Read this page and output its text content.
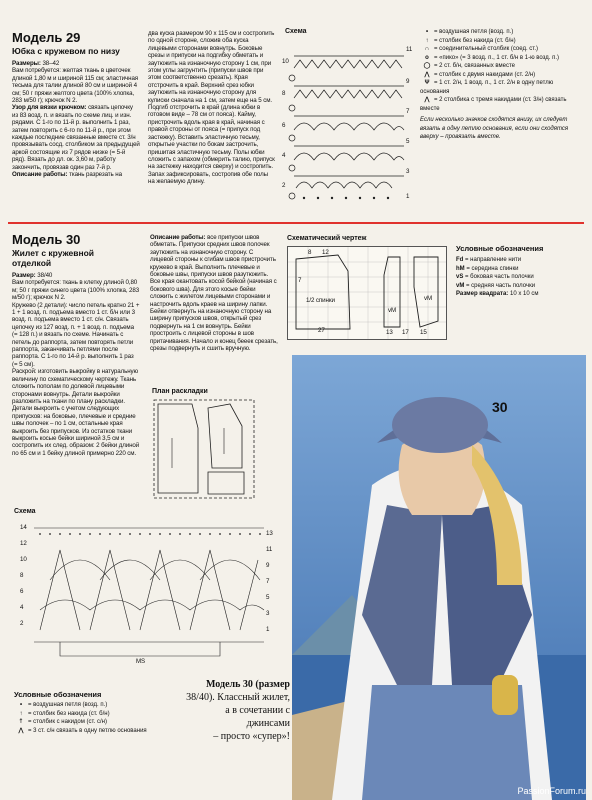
Модель 29
Юбка с кружевом по низу
Размеры: 38–42
Вам потребуется: желтая ткань в цветочек длиной 1,80 м и шириной 115 см; эластичная тесьма для талии длиной 80 см и шириной 4 см; 50 г пряжи желтого цвета (100% хлопка, 283 м/50 г); крючок N 2.
Узор для вязки крючком: связать цепочку из 83 возд. п. и вязать по схеме лиц. и изн. рядами. С 1-го по 11-й р. выполнить 1 раз, затем повторить с 6-го по 11-й р., при этом каждые последние связанные вместе ст. 3/н провязывать сосд. столбиком за предыдущей аркой состоящие из 7 рядов низке (= 5-й ряд). Вязать до дл. ок. 3,60 м, работу закончить, провязав один раз 7-й р.
Описание работы: ткань разрезать на
два куска размером 90 х 115 см и состропить по одной стороне, сложив оба куска лицевыми сторонами вовнутрь. Боковые срезы и припуски на подгибку обметать и заутюжить на изнаночную сторону 1 см, при этом углы загрунтить (припуски швов при этом соответственно срезать). Края отстрочить в край. Верхний срез юбки заутюжить на изнаночную сторону для кулиски сначала на 1 см, затем еще на 5 см. Подгиб отстрочить в край (длина юбки в готовом виде – 78 см от пояса). Кайму, пристрочить вдоль края в край, начиная с правой стороны от пояса (= припуск под застежку). Вставить эластичную тесьму, открытые участки по бокам застрочить, пришитая эластичную тесьму. Полы юбки сложить с запахом (обмерить талию, припуск на застежку находится сверху) и состропить. Запах зафиксировать, состропив обе полы на желаемую длину.
Схема
11
9
7
5
3
1
10
8
6
4
2
• = воздушная петля (возд. п.)
↑ = столбик без накида (ст. б/н)
∩ = соединительный столбик (соед. ст.)
о = «пико» (= 3 возд. п., 1 ст. б/н в 1-ю возд. п.)
◯ = 2 ст. б/н, связанных вместе
⋀ = столбик с двумя накидами (ст. 2/н)
Ψ = 1 ст. 2/н, 1 возд. п., 1 ст. 2/н в одну петлю основания
⋀ = 2 столбика с тремя накидами (ст. 3/н) связать вместе
Если несколько значков сходятся внизу, их следует вязать в одну петлю основания, если они сходятся вверху – провязать вместе.
Модель 30
Жилет с кружевной отделкой
Размер: 38/40
Вам потребуется: ткань в клетку длиной 0,80 м; 50 г пряжи синего цвета (100% хлопка, 283 м/50 г); крючок N 2.
Кружево (2 детали): число петель кратно 21 + 1 + 1 возд. п. подъема вместо 1 ст. б/н или 3 возд. п. подъема вместо 1 ст. с/н. Связать цепочку из 127 возд. п. + 1 возд. п. подъема (= 128 п.) и вязать по схеме. Начинать с петель до раппорта, затем повторять петли раппорта, заканчивать петлями после раппорта. С 1-го по 14-й р. выполнить 1 раз (= 5 см).
Раскрой: изготовить выкройку в натуральную величину по схематическому чертежу. Ткань сложить пополам по долевой лицевыми сторонами вовнутрь. Детали выкройки разложить на ткани по плану раскладки. Детали выкроить с учетом следующих припусков: на боковые, плечевые и средние швы полочек – по 1 см, остальные края выкроить без припусков. Из остатков ткани выкроить косые бейки шириной 3,5 см и состропить их след. образом: 2 бейки длиной по 65 см и 1 бейку длиной примерно 220 см.
Описание работы: все припуски швов обметать. Припуски средних швов полочек заутюжить на изнаночную сторону. С лицевой стороны к сгибам швов пристрочить кружево в край. Выполнить плечевые и боковые швы, припуски швов разутюжить. Все края окантовать косой бейкой (начиная с бокового шва). Для этого косые бейки сложить с жилетом лицевыми сторонами и настрочить вдоль краев на ширину лапки. Бейки отвернуть на изнаночную сторону на ширину припусков швов, открытый срез подвернуть на 1 см вовнутрь. Бейки простроить с лицевой стороны в шов притачивания. Начало и конец бееек срезать, срезы подвернуть и сшить вручную.
План раскладки
Схематический чертеж
8 12
7
27
1/2 спинки
vM
vM
13 17 15
Условные обозначения
Fd = направление нити
hM = середина спинки
vS = боковая часть полочки
vM = средняя часть полочки
Размер квадрата: 10 х 10 см
30
Модель 30 (размер
38/40). Классный жилет,
а в сочетании с джинсами
– просто «супер»!
Схема
14
12
10
8
6
4
2
13
11
9
7
5
3
1
MS
Условные обозначения
• = воздушная петля (возд. п.)
↑ = столбик без накида (ст. б/н)
ϯ = столбик с накидом (ст. с/н)
⋀ = 3 ст. с/н связать в одну петлю основания
PassionForum.ru
